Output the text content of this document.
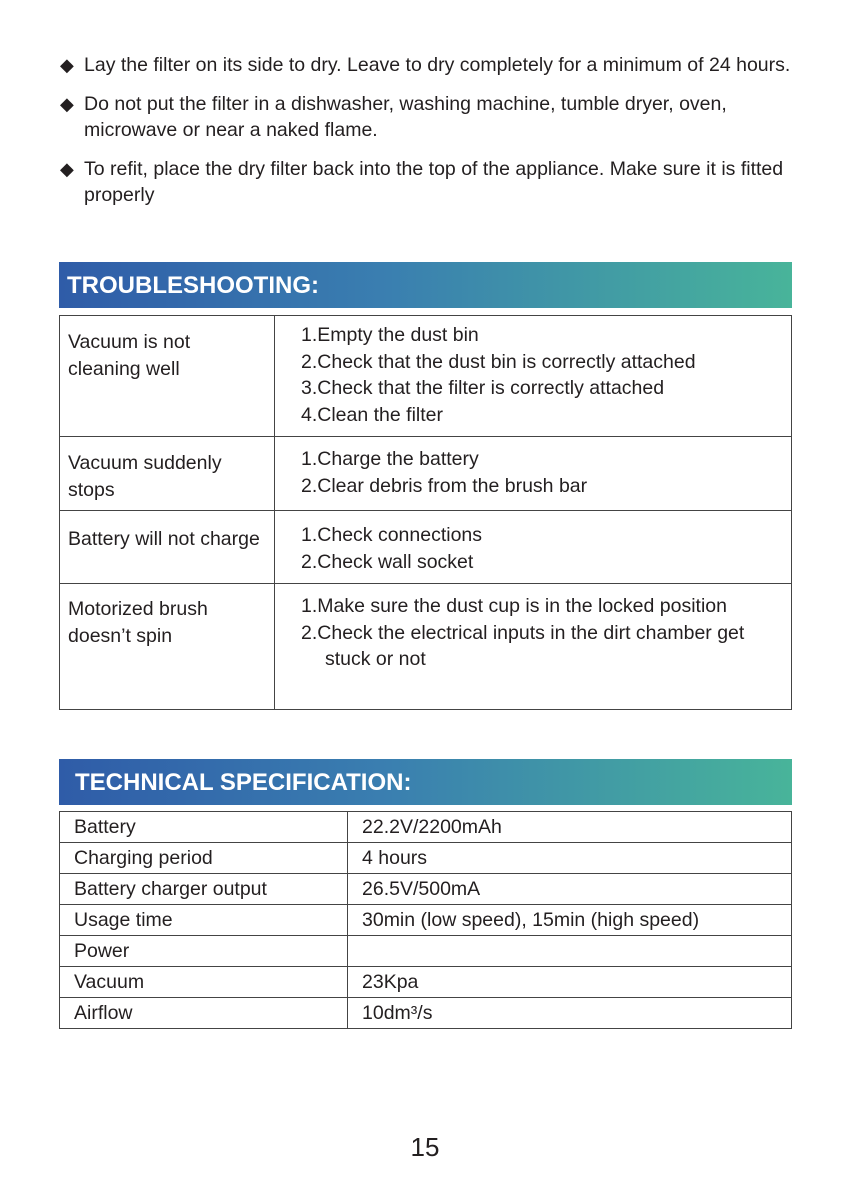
◆ Lay the filter on its side to dry. Leave to dry completely for a minimum of 24 hours.
◆ Do not put the filter in a dishwasher, washing machine, tumble dryer, oven, microwave or near a naked flame.
◆ To refit, place the dry filter back into the top of the appliance. Make sure it is fitted properly
TROUBLESHOOTING:
Vacuum is not cleaning well	1.Empty the dust bin
2.Check that the dust bin is correctly attached
3.Check that the filter is correctly attached
4.Clean the filter

Vacuum suddenly stops	1.Charge the battery
2.Clear debris from the brush bar

Battery will not charge	1.Check connections
2.Check wall socket

Motorized brush doesn’t spin	1.Make sure the dust cup is in the locked position
2.Check the electrical inputs in the dirt chamber get stuck or not
TECHNICAL SPECIFICATION:
Battery	22.2V/2200mAh
Charging period	4 hours
Battery charger output	26.5V/500mA
Usage time	30min (low speed), 15min (high speed)
Power	
Vacuum	23Kpa
Airflow	10dm³/s
15
